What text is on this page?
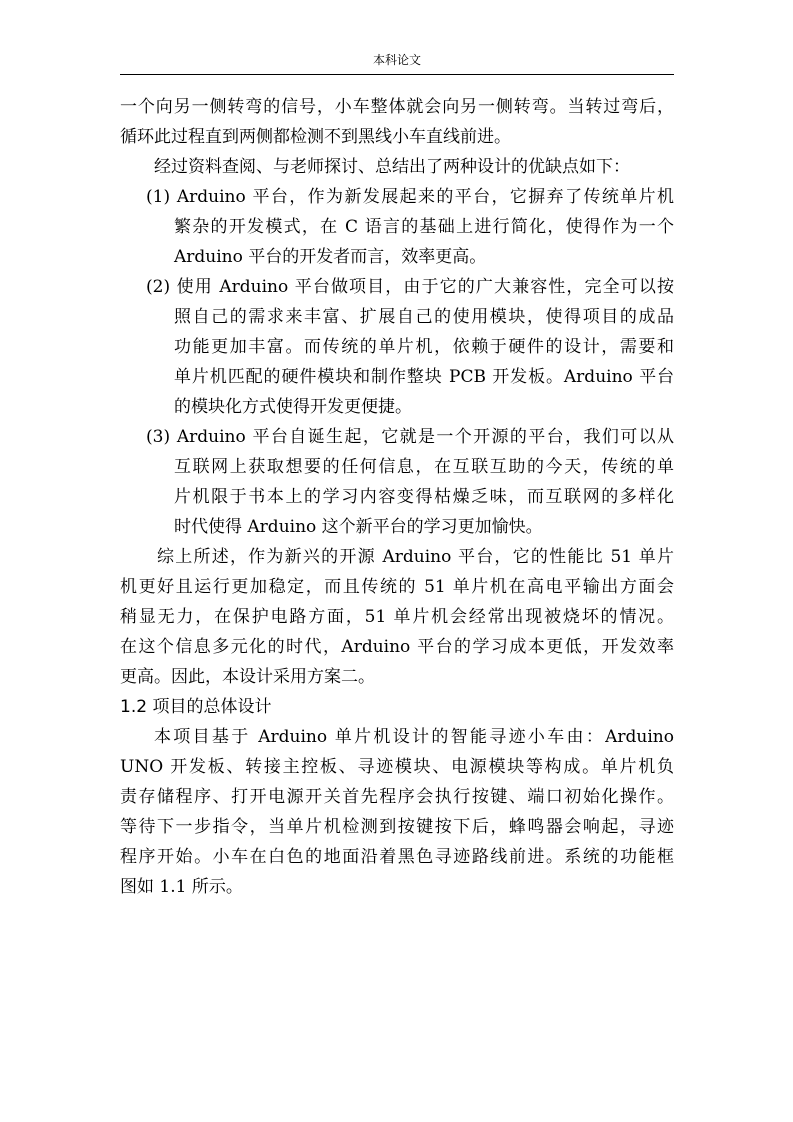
本科论文
一个向另一侧转弯的信号，小车整体就会向另一侧转弯。当转过弯后，
循环此过程直到两侧都检测不到黑线小车直线前进。
经过资料查阅、与老师探讨、总结出了两种设计的优缺点如下：
(1) Arduino 平台，作为新发展起来的平台，它摒弃了传统单片机
繁杂的开发模式，在 C 语言的基础上进行简化，使得作为一个
Arduino 平台的开发者而言，效率更高。
(2) 使用 Arduino 平台做项目，由于它的广大兼容性，完全可以按
照自己的需求来丰富、扩展自己的使用模块，使得项目的成品
功能更加丰富。而传统的单片机，依赖于硬件的设计，需要和
单片机匹配的硬件模块和制作整块 PCB 开发板。Arduino 平台
的模块化方式使得开发更便捷。
(3) Arduino 平台自诞生起，它就是一个开源的平台，我们可以从
互联网上获取想要的任何信息，在互联互助的今天，传统的单
片机限于书本上的学习内容变得枯燥乏味，而互联网的多样化
时代使得 Arduino 这个新平台的学习更加愉快。
综上所述，作为新兴的开源 Arduino 平台，它的性能比 51 单片
机更好且运行更加稳定，而且传统的 51 单片机在高电平输出方面会
稍显无力，在保护电路方面，51 单片机会经常出现被烧坏的情况。
在这个信息多元化的时代，Arduino 平台的学习成本更低，开发效率
更高。因此，本设计采用方案二。
1.2 项目的总体设计
本项目基于 Arduino 单片机设计的智能寻迹小车由：Arduino
UNO 开发板、转接主控板、寻迹模块、电源模块等构成。单片机负
责存储程序、打开电源开关首先程序会执行按键、端口初始化操作。
等待下一步指令，当单片机检测到按键按下后，蜂鸣器会响起，寻迹
程序开始。小车在白色的地面沿着黑色寻迹路线前进。系统的功能框
图如 1.1 所示。
